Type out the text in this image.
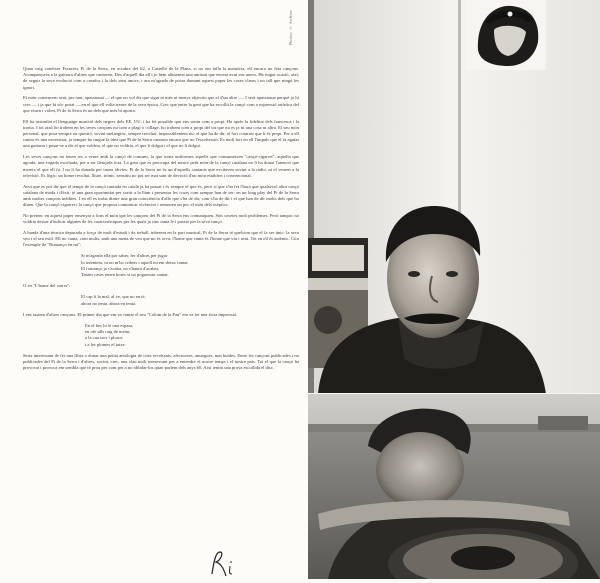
Quan vaig conèixer Francesc Pi de la Serra, en octubre del 62, a Castelló de la Plana, si no em falla la memòria, ell encara no feia cançons. Acompanyava a la guitarra d'altres que cantaven. Des d'aquell dia ell i jo hem alimentat una amistat que encara avui ens uneix. He tingut ocasió, així, de seguir la seva evolució com a creador i la dels seus amics, i ara m'agrada de posar damunt aquest paper les coses clares i no tall que ningú les ignori.

El món comencem serà, per tant, apassionat — el que no vol dir que sigui ni més ni menys objectiu que el d'un altre —. I serà apassionat perquè jo hi crec — i ja que hi sóc posat — en el que ell volia treure de la seva època. Crec que entre la gent que ha escollit la cançó com a expressió artística del que viuen i volen, Pi de la Serra és un dels que més hi aporta.

Ell ha assimilat el llenguatge musical dels negres dels EE. UU. i ha fet possible que ens sonin com a propi. Ha après la fidelitat dels francesos i la ironia. I tot això ho trobem en les seves cançons no com a plagi o collage, ho trobem com a propi del tot que no es ja ni una cosa ni altra. El seu món personal, que posa sempre en qüestió, sovint melangiós, sempre revoltat, impossiblement nu: el que ha de dir, el fort contrast que li és propi. Per a ell cantar és una necessitat; ja sempre ho tingué la idea que Pi de la Serra cantaria encara que no l'escoltessin. Es molt fort en ell l'impuls que el fa agafar una guitarra i posar-se a dir el que voldria, el que no voldria, el que li dolgui i el que no li dolgui.

Les seves cançons no tenen res a veure amb la cançó de consum, la que torna uniformes aquells que consumeixen "cançó-cigarret", aquella que agrada, una vegada escoltada, per a ser llençada fora. La gent que es preocupa del nostre petit món de la cançó catalana no li ha donat l'atenció que mereix el que ell fa. I no li ha donada per raons òbvies: Pi de la Serra no és un d'aquells cantants que excitaven sovint a la ràdio, ni el veuren a la televisió. Es lògic: un home revoltat, lliure, irònic, sensitiu no pot ser mai sant de devoció d'un món establert i convencional.

Avui que es pot dir que el temps de la cançó cantada en català ja ha passat i és sempre el que és, però sí que s'ha fet l'hora que qualsevol altra cançó catalana de moda i d'èxit, té una gran oportunitat per sortir a la llum i presentar les coses com sempre han de ser: en un long play del Pi de la Serra amb moltes cançons inèdites. I en ell es troba dintre una gran consciència d'allò que s'ha de dir, com s'ha de dir i el que han de dir molts dels que ho diuen. Que la cançó-cigarret i la cançó que proposa comunicar vivències i remouen un poc el món dels asèptics.

No pretenc en aquest paper ensenyar a fons el món que les cançons del Pi de la Serra ens comuniquen. Són cosetes molt problemes. Però tampoc no voldria deixar d'indicar algunes de les característiques per les quals jo tinc tanta fe i passió per la seva cançó.

A banda d'una tècnica depurada a força de molt d'estudi i de treball, inherent en la part musical, Pi de la Serra té quelcom que el fa ser únic: la seva veu i el seu estil. Ell no canta, com molts, amb una mena de veu que no és seva; l'home que canta és l'home que viu i sent. Tot en ell és autèntic. Cito l'exemple de "Romanço en mi":

Si m'agrada ella pot saber, fer d'altres per jugar
Io intentem, tu no m'ho cribeis i aquell no em deixa cantar
El romanço ja s'acaba, no s'haurà d'acabar,
Tantes cases tenen hores si no poguessin cantar.

O en "L'home del carrer":

El cap li la mal, al ve, que no en té,
ahora no tenia, ahora en tenia.

I ens tastem d'altres cançons. El primer dia que em va cantar el seu "Colom de la Pau" em va fer una forta impressió.

En el bec hi té una espasa,
en ofe ulls raig de metur,
a la cua tacs i ploros
i a les plomes el tatxe.

Seria interessant de fer una llista o donar una petita antologia de cites revoltants, afectuoses, amargues, mai buides. Entre les cançons publicades i no publicades del Pi de la Serra i d'altres, sovint, crec, una clau molt interessant per a entendre el nostre temps i el nostre país. Tot el que la cançó ha provocat i provoca em sembla que té prou pes com per a no oblidar-los quan parlem dels anys 60. Així tenim una prova escollida el disc.

Photos: © Archive
